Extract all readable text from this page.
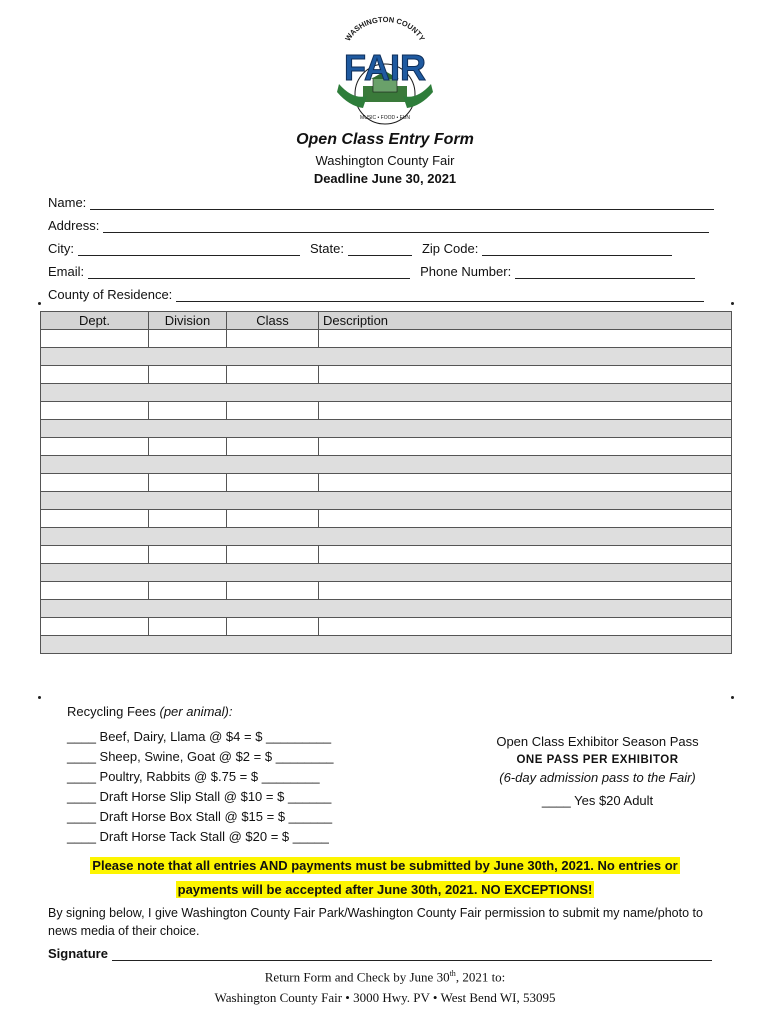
WASHINGTON COUNTY
FAIR
MUSIC • FOOD • FUN
Open Class Entry Form
Washington County Fair
Deadline June 30, 2021
Name:
Address:
City:	State:	Zip Code:
Email:	Phone Number:
County of Residence:
Dept.	Division	Class	Description

Recycling Fees (per animal):
____ Beef, Dairy, Llama @ $4 = $ _________
____ Sheep, Swine, Goat @ $2 = $ ________
____ Poultry, Rabbits @ $.75 = $ ________
____ Draft Horse Slip Stall @ $10 = $ ______
____ Draft Horse Box Stall @ $15 = $ ______
____ Draft Horse Tack Stall @ $20 = $ _____
Open Class Exhibitor Season Pass
ONE PASS PER EXHIBITOR
(6-day admission pass to the Fair)
____ Yes $20 Adult
Please note that all entries AND payments must be submitted by June 30th, 2021. No entries or
payments will be accepted after June 30th, 2021. NO EXCEPTIONS!
By signing below, I give Washington County Fair Park/Washington County Fair permission to submit my name/photo to news media of their choice.
Signature
Return Form and Check by June 30th, 2021 to:
Washington County Fair • 3000 Hwy. PV • West Bend WI, 53095
